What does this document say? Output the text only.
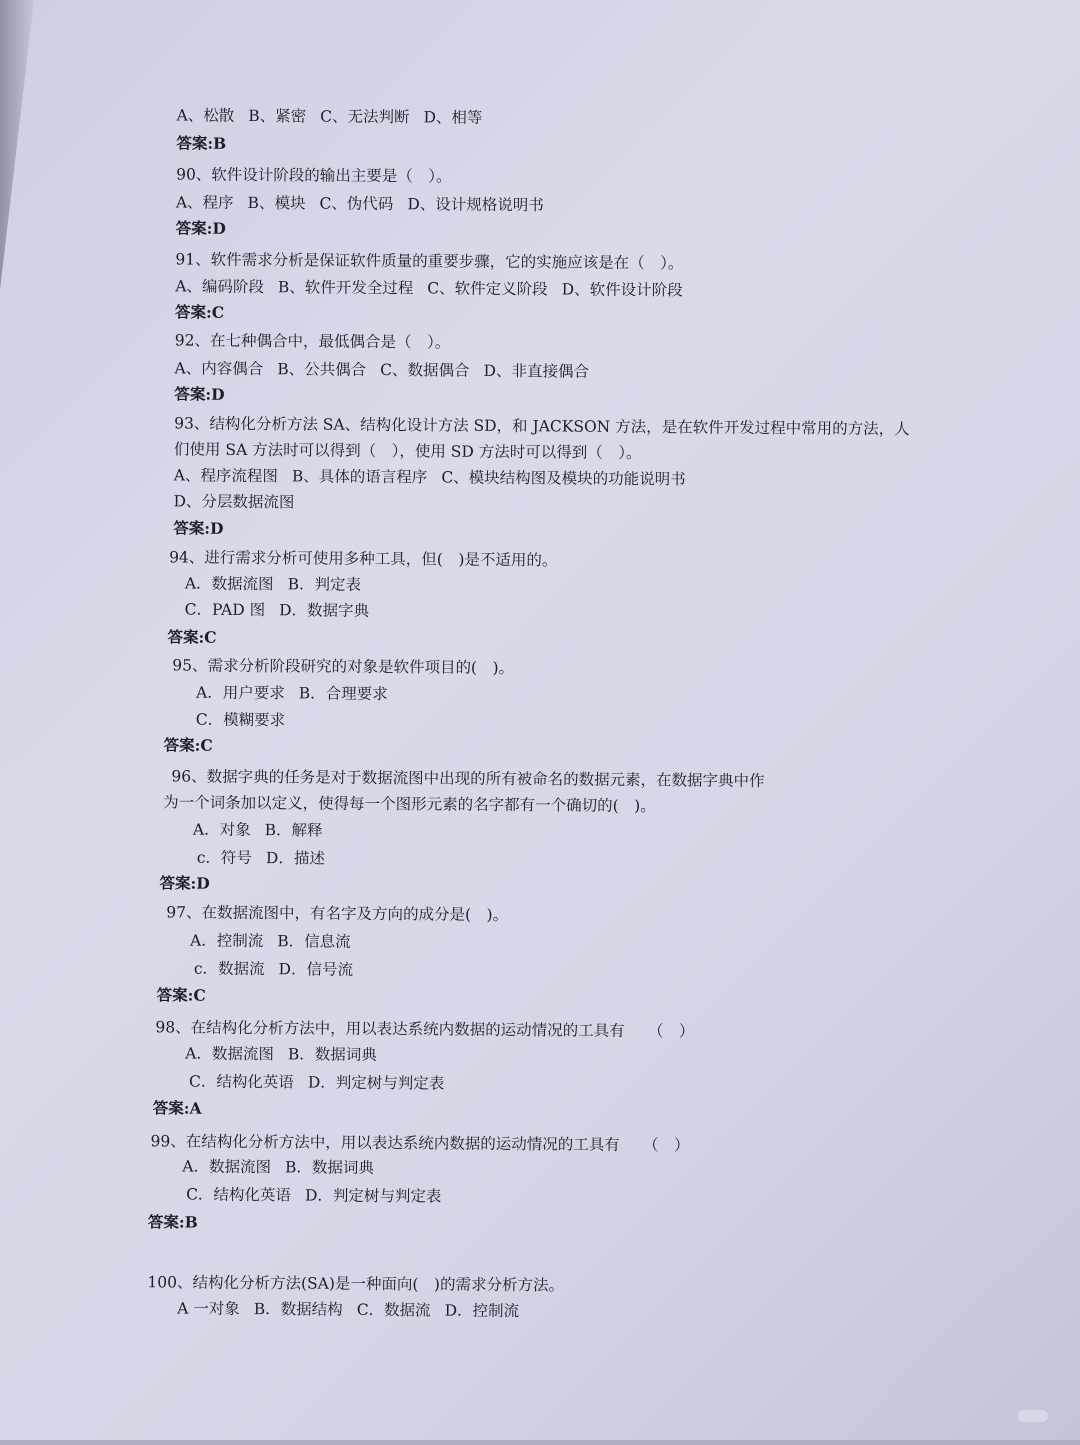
A、松散 B、紧密 C、无法判断 D、相等
答案:B
90、软件设计阶段的输出主要是（　）。
A、程序 B、模块 C、伪代码 D、设计规格说明书
答案:D
91、软件需求分析是保证软件质量的重要步骤，它的实施应该是在（　）。
A、编码阶段 B、软件开发全过程 C、软件定义阶段 D、软件设计阶段
答案:C
92、在七种偶合中，最低偶合是（　）。
A、内容偶合 B、公共偶合 C、数据偶合 D、非直接偶合
答案:D
93、结构化分析方法 SA、结构化设计方法 SD，和 JACKSON 方法，是在软件开发过程中常用的方法，人
们使用 SA 方法时可以得到（　），使用 SD 方法时可以得到（　）。
A、程序流程图 B、具体的语言程序 C、模块结构图及模块的功能说明书
D、分层数据流图
答案:D
94、进行需求分析可使用多种工具，但(　)是不适用的。
A．数据流图 B．判定表
C．PAD 图 D．数据字典
答案:C
95、需求分析阶段研究的对象是软件项目的(　)。
A．用户要求 B．合理要求
C．模糊要求
答案:C
96、数据字典的任务是对于数据流图中出现的所有被命名的数据元素，在数据字典中作
为一个词条加以定义，使得每一个图形元素的名字都有一个确切的(　)。
A．对象 B．解释
c．符号 D．描述
答案:D
97、在数据流图中，有名字及方向的成分是(　)。
A．控制流 B．信息流
c．数据流 D．信号流
答案:C
98、在结构化分析方法中，用以表达系统内数据的运动情况的工具有　　（　）
A．数据流图 B．数据词典
C．结构化英语 D．判定树与判定表
答案:A
99、在结构化分析方法中，用以表达系统内数据的运动情况的工具有　　（　）
A．数据流图 B．数据词典
C．结构化英语 D．判定树与判定表
答案:B
100、结构化分析方法(SA)是一种面向(　)的需求分析方法。
A 一对象 B．数据结构 C．数据流 D．控制流
